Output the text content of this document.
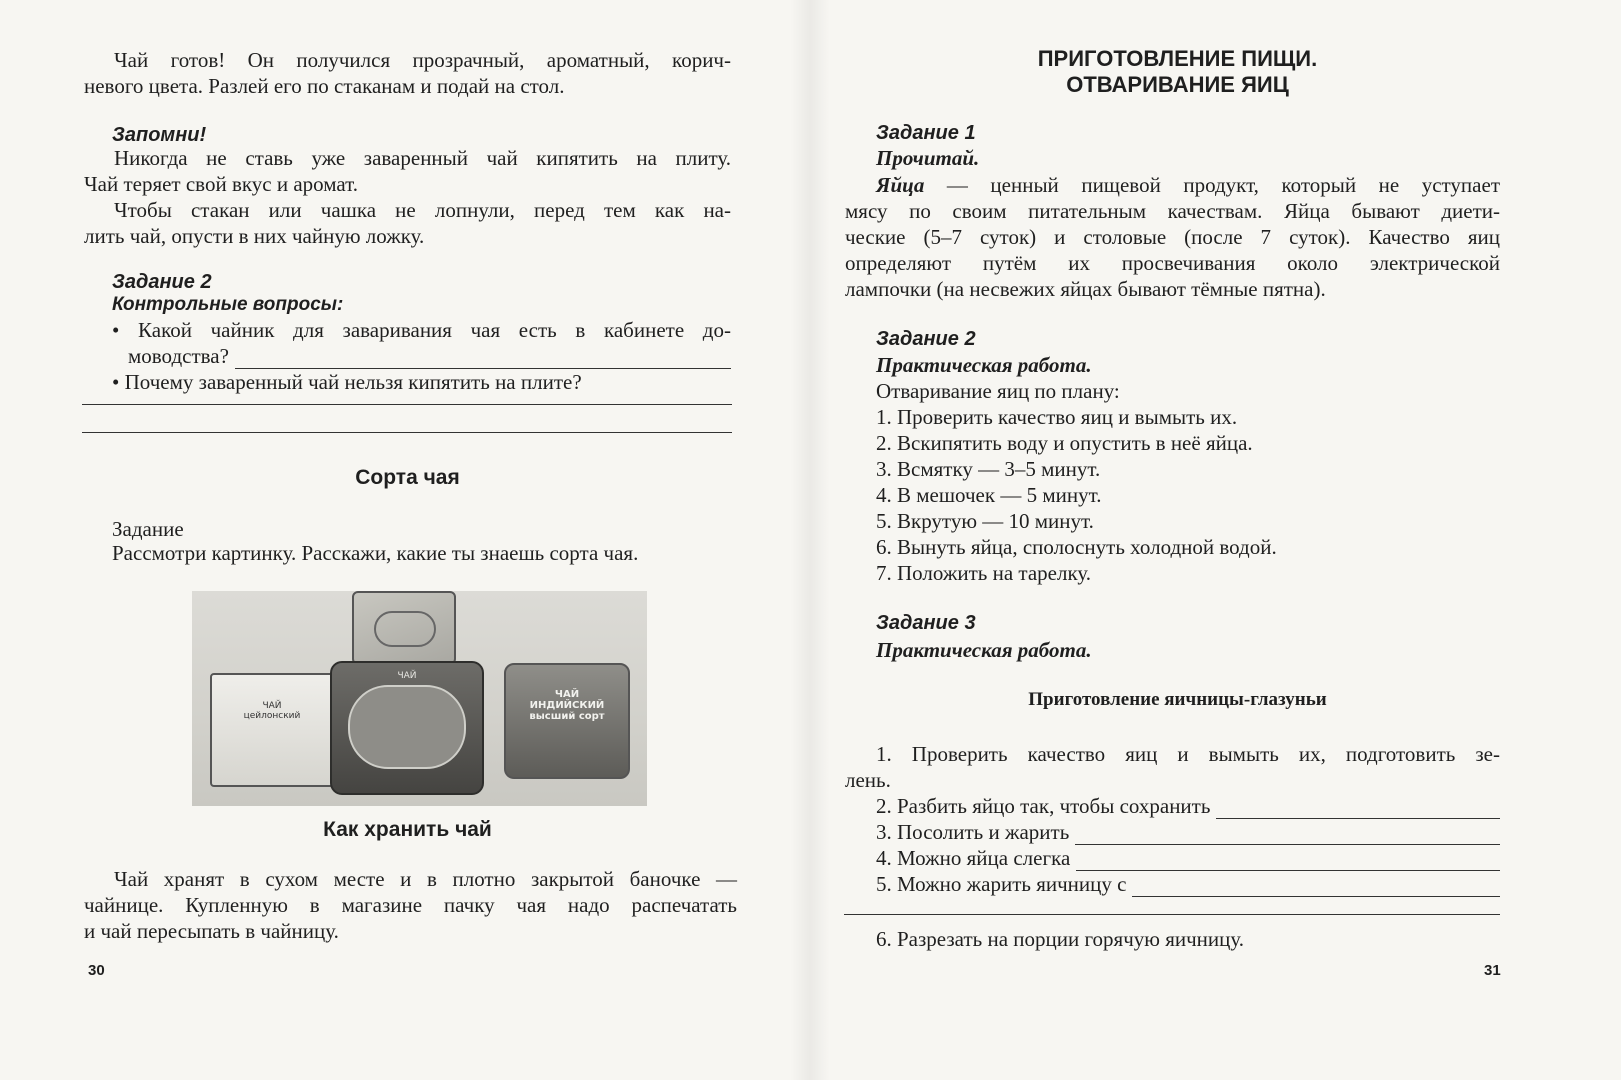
Чай готов! Он получился прозрачный, ароматный, корич-
невого цвета. Разлей его по стаканам и подай на стол.
Запомни!
Никогда не ставь уже заваренный чай кипятить на плиту.
Чай теряет свой вкус и аромат.
Чтобы стакан или чашка не лопнули, перед тем как на-
лить чай, опусти в них чайную ложку.
Задание 2
Контрольные вопросы:
• Какой чайник для заваривания чая есть в кабинете до-
моводства?
• Почему заваренный чай нельзя кипятить на плите?
Сорта чая
Задание
Рассмотри картинку. Расскажи, какие ты знаешь сорта чая.
ЧАЙ
цейлонский
ЧАЙ
ЧАЙ
ИНДИЙСКИЙ
высший сорт
Как хранить чай
Чай хранят в сухом месте и в плотно закрытой баночке —
чайнице. Купленную в магазине пачку чая надо распечатать
и чай пересыпать в чайницу.
30
ПРИГОТОВЛЕНИЕ ПИЩИ.
ОТВАРИВАНИЕ ЯИЦ
Задание 1
Прочитай.
Яйца — ценный пищевой продукт, который не уступает
мясу по своим питательным качествам. Яйца бывают диети-
ческие (5–7 суток) и столовые (после 7 суток). Качество яиц
определяют путём их просвечивания около электрической
лампочки (на несвежих яйцах бывают тёмные пятна).
Задание 2
Практическая работа.
Отваривание яиц по плану:
1. Проверить качество яиц и вымыть их.
2. Вскипятить воду и опустить в неё яйца.
3. Всмятку — 3–5 минут.
4. В мешочек — 5 минут.
5. Вкрутую — 10 минут.
6. Вынуть яйца, сполоснуть холодной водой.
7. Положить на тарелку.
Задание 3
Практическая работа.
Приготовление яичницы-глазуньи
1. Проверить качество яиц и вымыть их, подготовить зе-
лень.
2. Разбить яйцо так, чтобы сохранить
3. Посолить и жарить
4. Можно яйца слегка
5. Можно жарить яичницу с
6. Разрезать на порции горячую яичницу.
31
